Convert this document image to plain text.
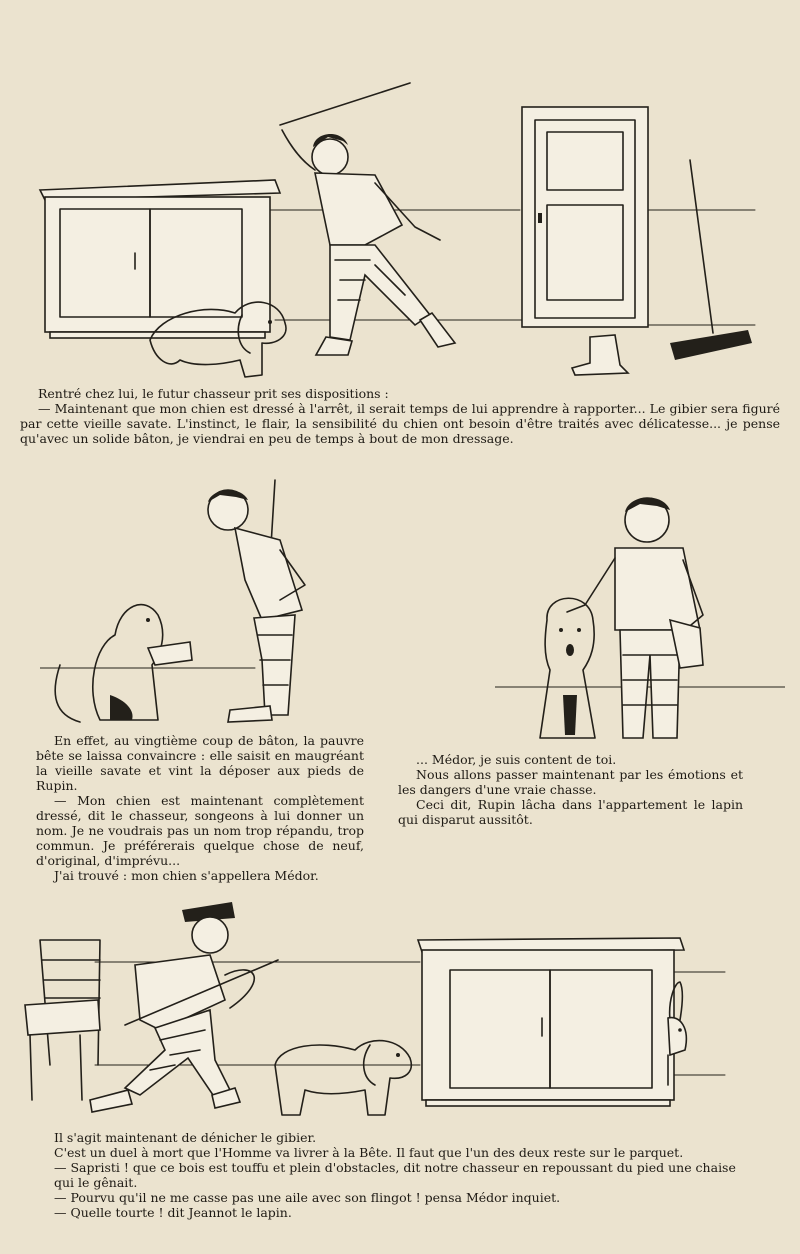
Rentré chez lui, le futur chasseur prit ses dispositions :

— Maintenant que mon chien est dressé à l'arrêt, il serait temps de lui apprendre à rapporter... Le gibier sera figuré par cette vieille savate. L'instinct, le flair, la sensibilité du chien ont besoin d'être traités avec délicatesse... je pense qu'avec un solide bâton, je viendrai en peu de temps à bout de mon dressage.

En effet, au vingtième coup de bâton, la pauvre bête se laissa convaincre : elle saisit en maugréant la vieille savate et vint la déposer aux pieds de Rupin.

— Mon chien est maintenant complètement dressé, dit le chasseur, songeons à lui donner un nom. Je ne voudrais pas un nom trop répandu, trop commun. Je préférerais quelque chose de neuf, d'original, d'imprévu...

J'ai trouvé : mon chien s'appellera Médor.

... Médor, je suis content de toi.

Nous allons passer maintenant par les émotions et les dangers d'une vraie chasse.

Ceci dit, Rupin lâcha dans l'appartement le lapin qui disparut aussitôt.

Il s'agit maintenant de dénicher le gibier.

C'est un duel à mort que l'Homme va livrer à la Bête. Il faut que l'un des deux reste sur le parquet.

— Sapristi ! que ce bois est touffu et plein d'obstacles, dit notre chasseur en repoussant du pied une chaise qui le gênait.

— Pourvu qu'il ne me casse pas une aile avec son flingot ! pensa Médor inquiet.

— Quelle tourte ! dit Jeannot le lapin.
